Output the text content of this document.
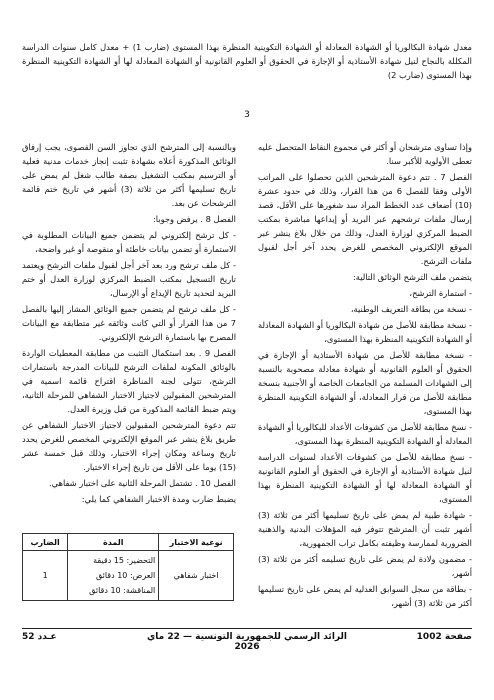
معدل شهادة البكالوريا أو الشهادة المعادلة أو الشهادة التكوينية المنظرة بهذا المستوى (ضارب 1) + معدل كامل سنوات الدراسة المكللة بالنجاح لنيل شهادة الأستاذية أو الإجازة في الحقوق أو العلوم القانونية أو الشهادة المعادلة لها أو الشهادة التكوينية المنظرة بهذا المستوى (ضارب 2)
3

وإذا تساوى مترشحان أو أكثر في مجموع النقاط المتحصل عليه تعطى الأولوية للأكبر سنا.

الفصل 7 . تتم دعوة المترشحين الذين تحصلوا على المراتب الأولى وفقا للفصل 6 من هذا القرار، وذلك في حدود عشرة (10) أضعاف عدد الخطط المراد سد شغورها على الأقل، قصد إرسال ملفات ترشحهم عبر البريد أو إيداعها مباشرة بمكتب الضبط المركزي لوزارة العدل، وذلك من خلال بلاغ ينشر عبر الموقع الإلكتروني المخصص للغرض يحدد آخر أجل لقبول ملفات الترشح.

يتضمن ملف الترشح الوثائق التالية:

- استمارة الترشح،

- نسخة من بطاقة التعريف الوطنية،

- نسخة مطابقة للأصل من شهادة البكالوريا أو الشهادة المعادلة أو الشهادة التكوينية المنظرة بهذا المستوى،

- نسخة مطابقة للأصل من شهادة الأستاذية أو الإجازة في الحقوق أو العلوم القانونية أو شهادة معادلة مصحوبة بالنسبة إلى الشهادات المسلمة من الجامعات الخاصة أو الأجنبية بنسخة مطابقة للأصل من قرار المعادلة، أو الشهادة التكوينية المنظرة بهذا المستوى،

- نسخ مطابقة للأصل من كشوفات الأعداد للبكالوريا أو الشهادة المعادلة أو الشهادة التكوينية المنظرة بهذا المستوى،

- نسخ مطابقة للأصل من كشوفات الأعداد لسنوات الدراسة لنيل شهادة الأستاذية أو الإجازة في الحقوق أو العلوم القانونية أو الشهادة المعادلة لها أو الشهادة التكوينية المنظرة بهذا المستوى،

- شهادة طبية لم يمض على تاريخ تسليمها أكثر من ثلاثة (3) أشهر تثبت أن المترشح تتوفر فيه المؤهلات البدنية والذهنية الضرورية لممارسة وظيفته بكامل تراب الجمهورية،

- مضمون ولادة لم يمض على تاريخ تسليمه أكثر من ثلاثة (3) أشهر،

- بطاقة من سجل السوابق العدلية لم يمض على تاريخ تسليمها أكثر من ثلاثة (3) أشهر،

وبالنسبة إلى المترشح الذي تجاوز السن القصوى، يجب إرفاق الوثائق المذكورة أعلاه بشهادة تثبت إنجاز خدمات مدنية فعلية أو الترسيم بمكتب التشغيل بصفة طالب شغل لم يمض على تاريخ تسليمها أكثر من ثلاثة (3) أشهر في تاريخ ختم قائمة الترشحات عن بعد.

الفصل 8 . يرفض وجوبا:

- كل ترشح إلكتروني لم يتضمن جميع البيانات المطلوبة في الاستمارة أو تضمن بيانات خاطئة أو منقوصة أو غير واضحة،

- كل ملف ترشح ورد بعد آخر أجل لقبول ملفات الترشح ويعتمد تاريخ التسجيل بمكتب الضبط المركزي لوزارة العدل أو ختم البريد لتحديد تاريخ الإيداع أو الإرسال،

- كل ملف ترشح لم يتضمن جميع الوثائق المشار إليها بالفصل 7 من هذا القرار أو التي كانت وثائقه غير متطابقة مع البيانات المصرح بها باستمارة الترشح الإلكتروني.

الفصل 9 . بعد استكمال التثبت من مطابقة المعطيات الواردة بالوثائق المكونة لملفات الترشح للبيانات المدرجة باستمارات الترشح، تتولى لجنة المناظرة اقتراح قائمة اسمية في المترشحين المقبولين لاجتياز الاختبار الشفاهي للمرحلة الثانية، ويتم ضبط القائمة المذكورة من قبل وزيرة العدل.

تتم دعوة المترشحين المقبولين لاجتياز الاختبار الشفاهي عن طريق بلاغ ينشر عبر الموقع الإلكتروني المخصص للغرض يحدد تاريخ وساعة ومكان إجراء الاختبار، وذلك قبل خمسة عشر (15) يوما على الأقل من تاريخ إجراء الاختبار.

الفصل 10 . تشتمل المرحلة الثانية على اختبار شفاهي.

يضبط ضارب ومدة الاختبار الشفاهي كما يلي:

نوعية الاختبار	المدة	الضارب
اختبار شفاهي	التحضير: 15 دقيقة
العرض: 10 دقائق
المناقشة: 10 دقائق	1
صفحة 1002
الرائد الرسمي للجمهورية التونسية — 22 ماي 2026
عـدد 52
